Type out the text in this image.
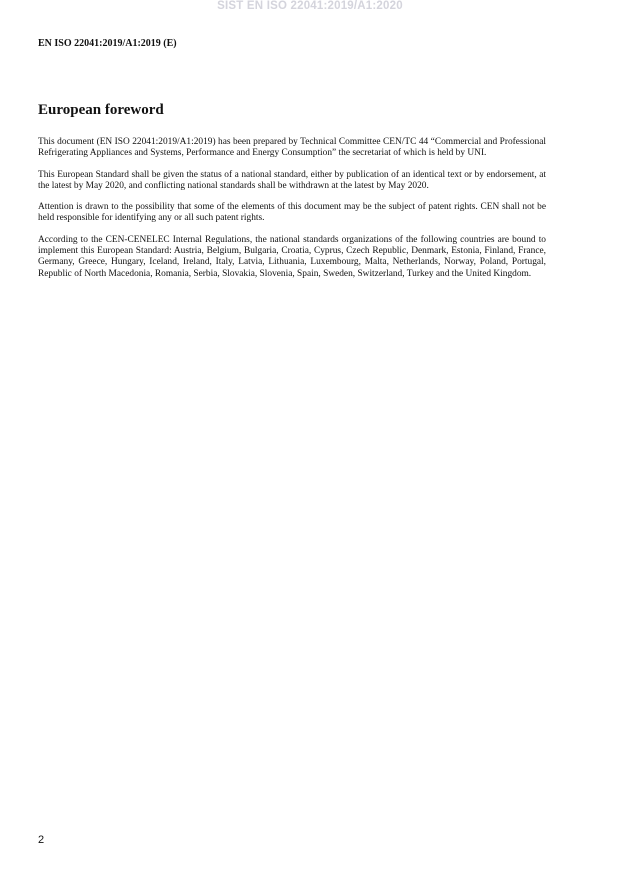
SIST EN ISO 22041:2019/A1:2020
EN ISO 22041:2019/A1:2019 (E)
European foreword

This document (EN ISO 22041:2019/A1:2019) has been prepared by Technical Committee CEN/TC 44 “Commercial and Professional Refrigerating Appliances and Systems, Performance and Energy Consumption” the secretariat of which is held by UNI.

This European Standard shall be given the status of a national standard, either by publication of an identical text or by endorsement, at the latest by May 2020, and conflicting national standards shall be withdrawn at the latest by May 2020.

Attention is drawn to the possibility that some of the elements of this document may be the subject of patent rights. CEN shall not be held responsible for identifying any or all such patent rights.

According to the CEN-CENELEC Internal Regulations, the national standards organizations of the following countries are bound to implement this European Standard: Austria, Belgium, Bulgaria, Croatia, Cyprus, Czech Republic, Denmark, Estonia, Finland, France, Germany, Greece, Hungary, Iceland, Ireland, Italy, Latvia, Lithuania, Luxembourg, Malta, Netherlands, Norway, Poland, Portugal, Republic of North Macedonia, Romania, Serbia, Slovakia, Slovenia, Spain, Sweden, Switzerland, Turkey and the United Kingdom.

2
